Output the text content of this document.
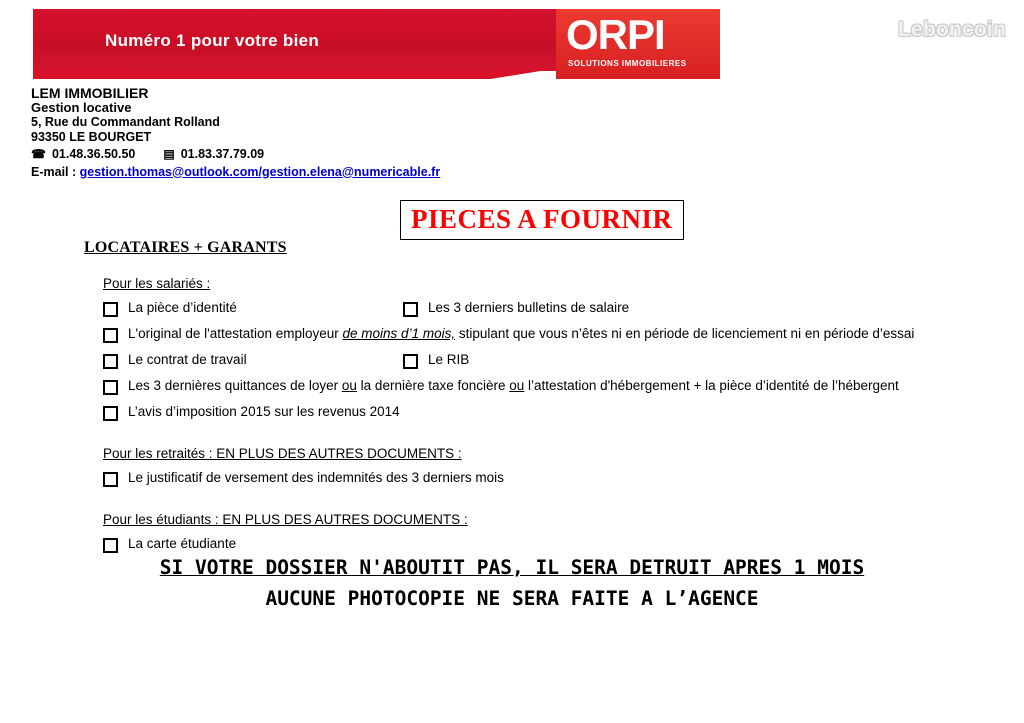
Leboncoin
Numéro 1 pour votre bien	ORPI
SOLUTIONS IMMOBILIERES
LEM IMMOBILIER
Gestion locative
5, Rue du Commandant Rolland
93350 LE BOURGET
☎ 01.48.36.50.50 ▤ 01.83.37.79.09
E-mail : gestion.thomas@outlook.com/gestion.elena@numericable.fr
PIECES A FOURNIR
LOCATAIRES + GARANTS
Pour les salariés :
La pièce d’identité	Les 3 derniers bulletins de salaire
L'original de l'attestation employeur de moins d’1 mois, stipulant que vous n’êtes ni en période de licenciement ni en période d’essai
Le contrat de travail	Le RIB
Les 3 dernières quittances de loyer ou la dernière taxe foncière ou l’attestation d'hébergement + la pièce d’identité de l’hébergent
L’avis d’imposition 2015 sur les revenus 2014
Pour les retraités : EN PLUS DES AUTRES DOCUMENTS :
Le justificatif de versement des indemnités des 3 derniers mois
Pour les étudiants : EN PLUS DES AUTRES DOCUMENTS :
La carte étudiante
SI VOTRE DOSSIER N'ABOUTIT PAS, IL SERA DETRUIT APRES 1 MOIS
AUCUNE PHOTOCOPIE NE SERA FAITE A L’AGENCE
